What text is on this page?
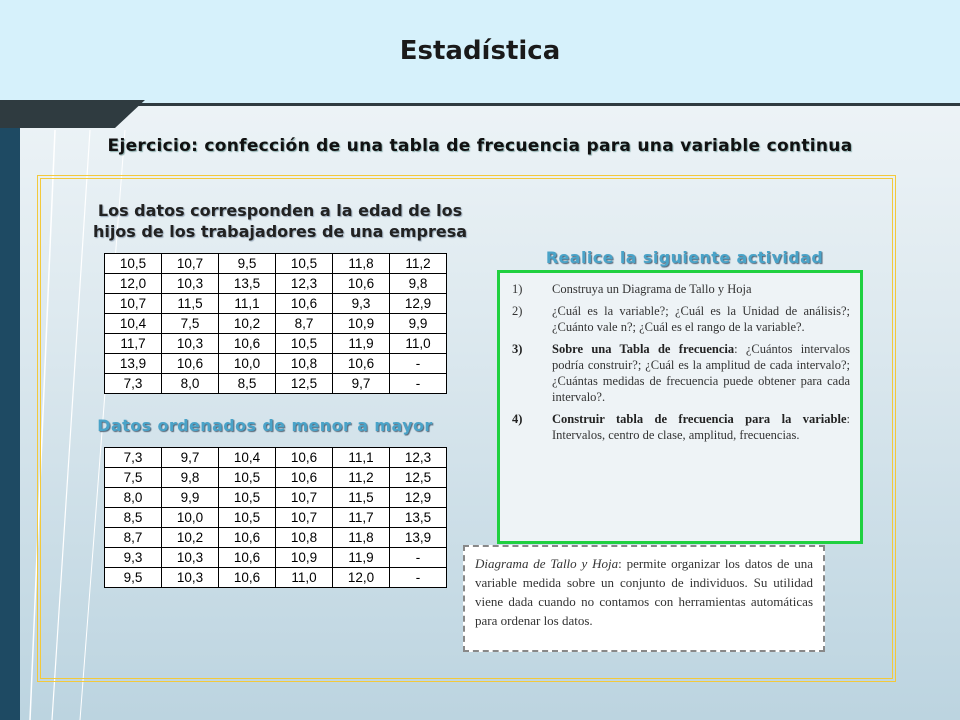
Estadística
Ejercicio: confección de una tabla de frecuencia para una variable continua
Los datos corresponden a la edad de los hijos de los trabajadores de una empresa
10,5	10,7	9,5	10,5	11,8	11,2
12,0	10,3	13,5	12,3	10,6	9,8
10,7	11,5	11,1	10,6	9,3	12,9
10,4	7,5	10,2	8,7	10,9	9,9
11,7	10,3	10,6	10,5	11,9	11,0
13,9	10,6	10,0	10,8	10,6	-
7,3	8,0	8,5	12,5	9,7	-
Datos ordenados de menor a mayor
7,3	9,7	10,4	10,6	11,1	12,3
7,5	9,8	10,5	10,6	11,2	12,5
8,0	9,9	10,5	10,7	11,5	12,9
8,5	10,0	10,5	10,7	11,7	13,5
8,7	10,2	10,6	10,8	11,8	13,9
9,3	10,3	10,6	10,9	11,9	-
9,5	10,3	10,6	11,0	12,0	-
Realice la siguiente actividad
1)	Construya un Diagrama de Tallo y Hoja
2)	¿Cuál es la variable?; ¿Cuál es la Unidad de análisis?; ¿Cuánto vale n?; ¿Cuál es el rango de la variable?.
3)	Sobre una Tabla de frecuencia: ¿Cuántos intervalos podría construir?; ¿Cuál es la amplitud de cada intervalo?; ¿Cuántas medidas de frecuencia puede obtener para cada intervalo?.
4)	Construir tabla de frecuencia para la variable: Intervalos, centro de clase, amplitud, frecuencias.
Diagrama de Tallo y Hoja: permite organizar los datos de una variable medida sobre un conjunto de individuos. Su utilidad viene dada cuando no contamos con herramientas automáticas para ordenar los datos.
